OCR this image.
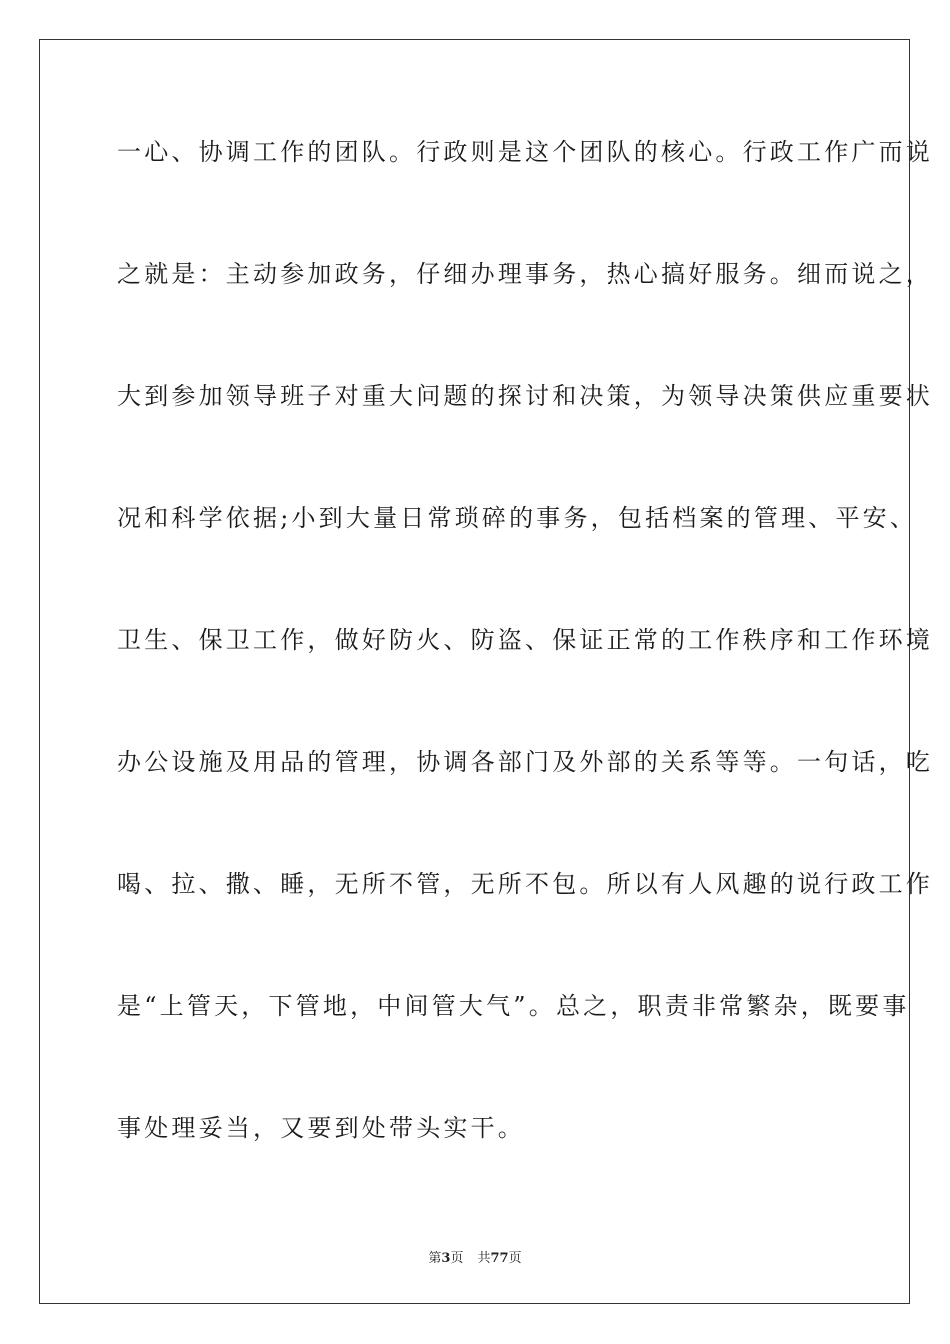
一心、协调工作的团队。行政则是这个团队的核心。行政工作广而说

之就是：主动参加政务，仔细办理事务，热心搞好服务。细而说之，

大到参加领导班子对重大问题的探讨和决策，为领导决策供应重要状

况和科学依据;小到大量日常琐碎的事务，包括档案的管理、平安、

卫生、保卫工作，做好防火、防盗、保证正常的工作秩序和工作环境

办公设施及用品的管理，协调各部门及外部的关系等等。一句话，吃

喝、拉、撒、睡，无所不管，无所不包。所以有人风趣的说行政工作

是“上管天，下管地，中间管大气”。总之，职责非常繁杂，既要事

事处理妥当，又要到处带头实干。

第3页 共77页
